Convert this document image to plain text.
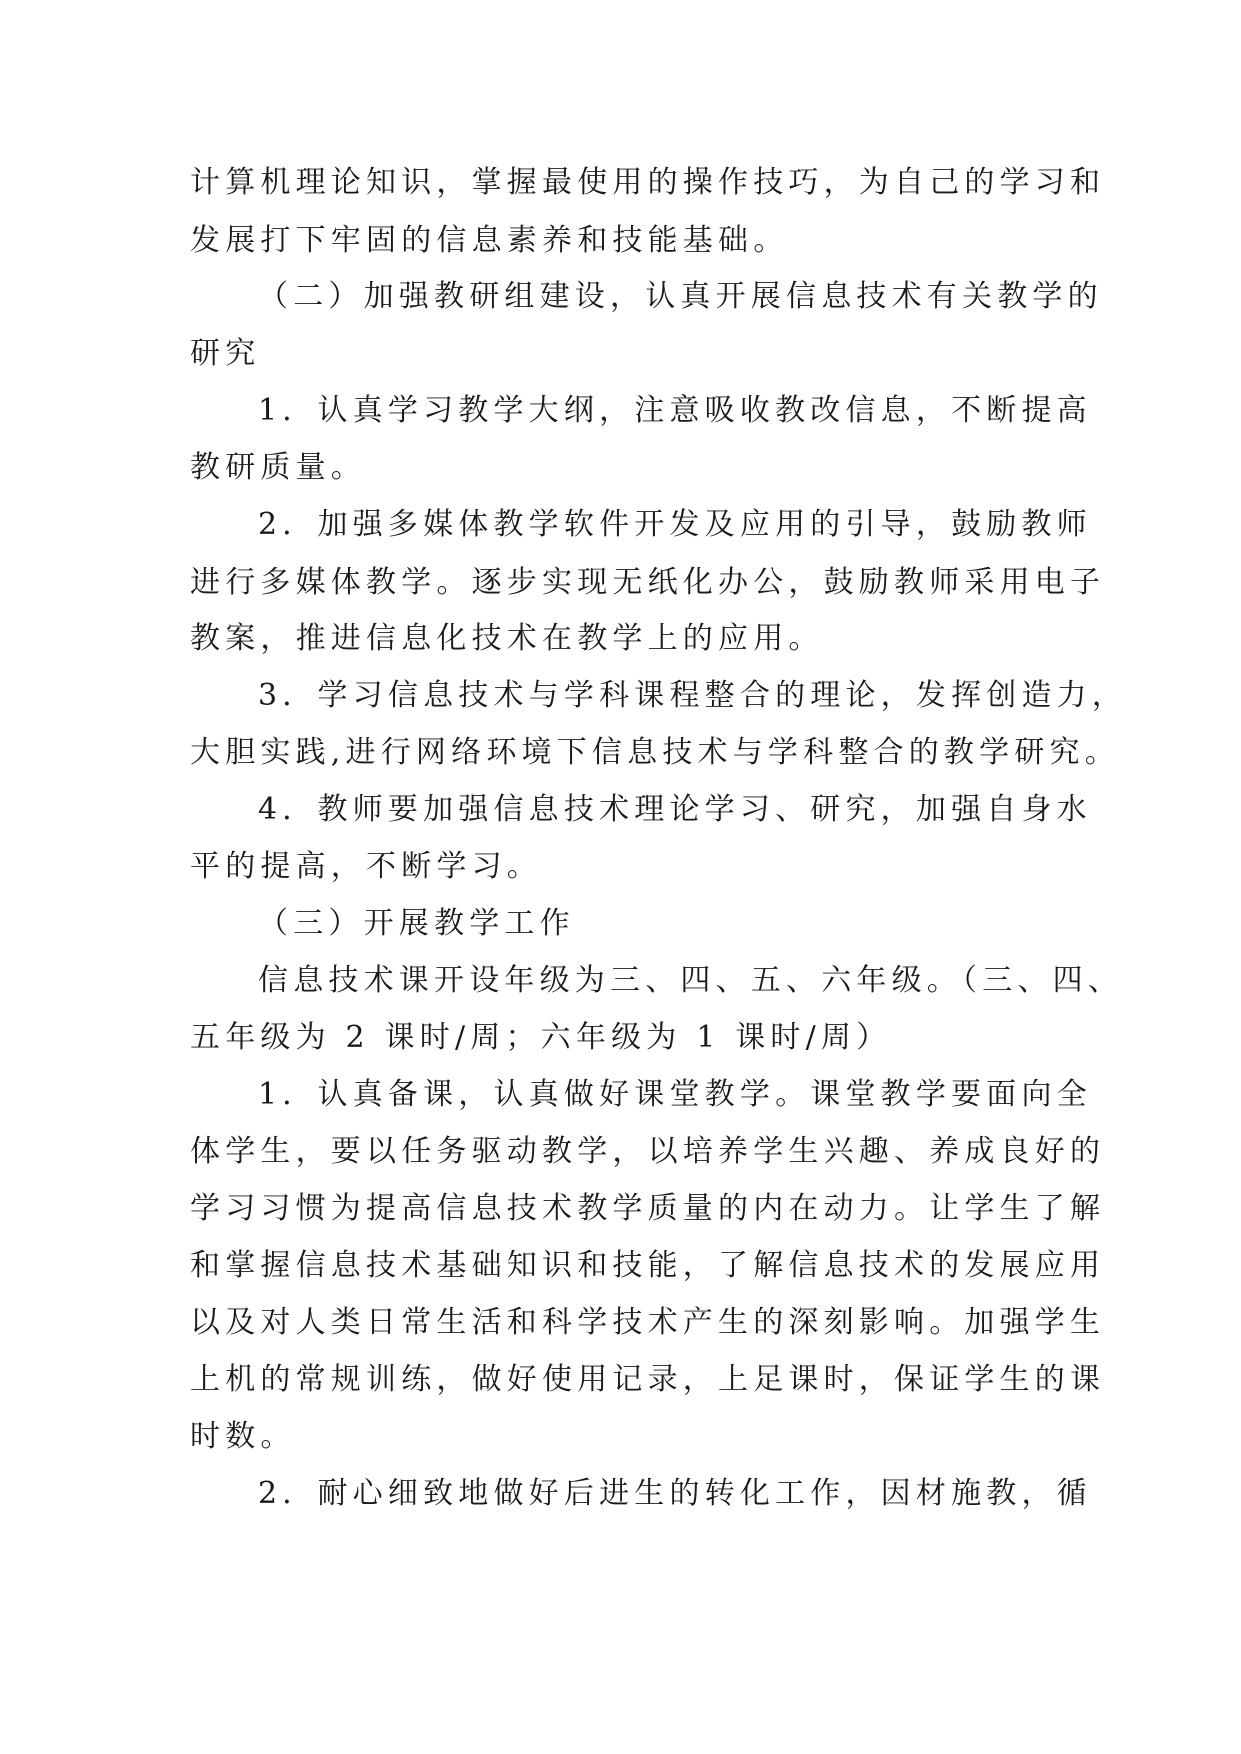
计算机理论知识，掌握最使用的操作技巧，为自己的学习和
发展打下牢固的信息素养和技能基础。
（二）加强教研组建设，认真开展信息技术有关教学的
研究
1．认真学习教学大纲，注意吸收教改信息，不断提高
教研质量。
2．加强多媒体教学软件开发及应用的引导，鼓励教师
进行多媒体教学。逐步实现无纸化办公，鼓励教师采用电子
教案，推进信息化技术在教学上的应用。
3．学习信息技术与学科课程整合的理论，发挥创造力，
大胆实践,进行网络环境下信息技术与学科整合的教学研究。
4．教师要加强信息技术理论学习、研究，加强自身水
平的提高，不断学习。
（三）开展教学工作
信息技术课开设年级为三、四、五、六年级。（三、四、
五年级为 2 课时/周；六年级为 1 课时/周）
1．认真备课，认真做好课堂教学。课堂教学要面向全
体学生，要以任务驱动教学，以培养学生兴趣、养成良好的
学习习惯为提高信息技术教学质量的内在动力。让学生了解
和掌握信息技术基础知识和技能，了解信息技术的发展应用
以及对人类日常生活和科学技术产生的深刻影响。加强学生
上机的常规训练，做好使用记录，上足课时，保证学生的课
时数。
2．耐心细致地做好后进生的转化工作，因材施教，循
